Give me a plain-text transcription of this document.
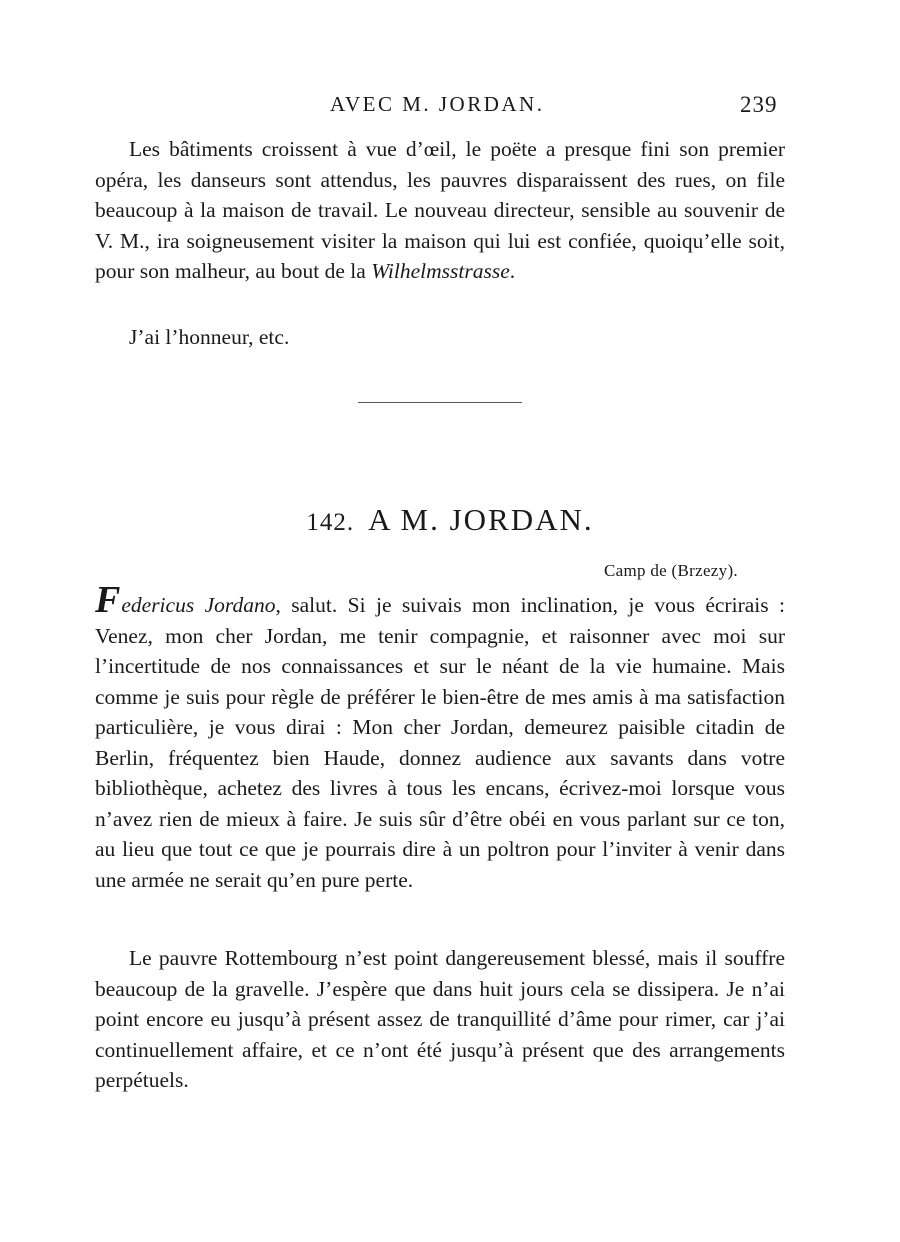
AVEC M. JORDAN.	239

Les bâtiments croissent à vue d’œil, le poëte a presque fini son premier opéra, les danseurs sont attendus, les pauvres disparaissent des rues, on file beaucoup à la maison de travail. Le nouveau directeur, sensible au souvenir de V. M., ira soigneusement visiter la maison qui lui est confiée, quoiqu’elle soit, pour son malheur, au bout de la Wilhelmsstrasse.

J’ai l’honneur, etc.

142. A M. JORDAN.
Camp de (Brzezy).

Federicus Jordano, salut. Si je suivais mon inclination, je vous écrirais : Venez, mon cher Jordan, me tenir compagnie, et raisonner avec moi sur l’incertitude de nos connaissances et sur le néant de la vie humaine. Mais comme je suis pour règle de préférer le bien-être de mes amis à ma satisfaction particulière, je vous dirai : Mon cher Jordan, demeurez paisible citadin de Berlin, fréquentez bien Haude, donnez audience aux savants dans votre bibliothèque, achetez des livres à tous les encans, écrivez-moi lorsque vous n’avez rien de mieux à faire. Je suis sûr d’être obéi en vous parlant sur ce ton, au lieu que tout ce que je pourrais dire à un poltron pour l’inviter à venir dans une armée ne serait qu’en pure perte.

Le pauvre Rottembourg n’est point dangereusement blessé, mais il souffre beaucoup de la gravelle. J’espère que dans huit jours cela se dissipera. Je n’ai point encore eu jusqu’à présent assez de tranquillité d’âme pour rimer, car j’ai continuellement affaire, et ce n’ont été jusqu’à présent que des arrangements perpétuels.
